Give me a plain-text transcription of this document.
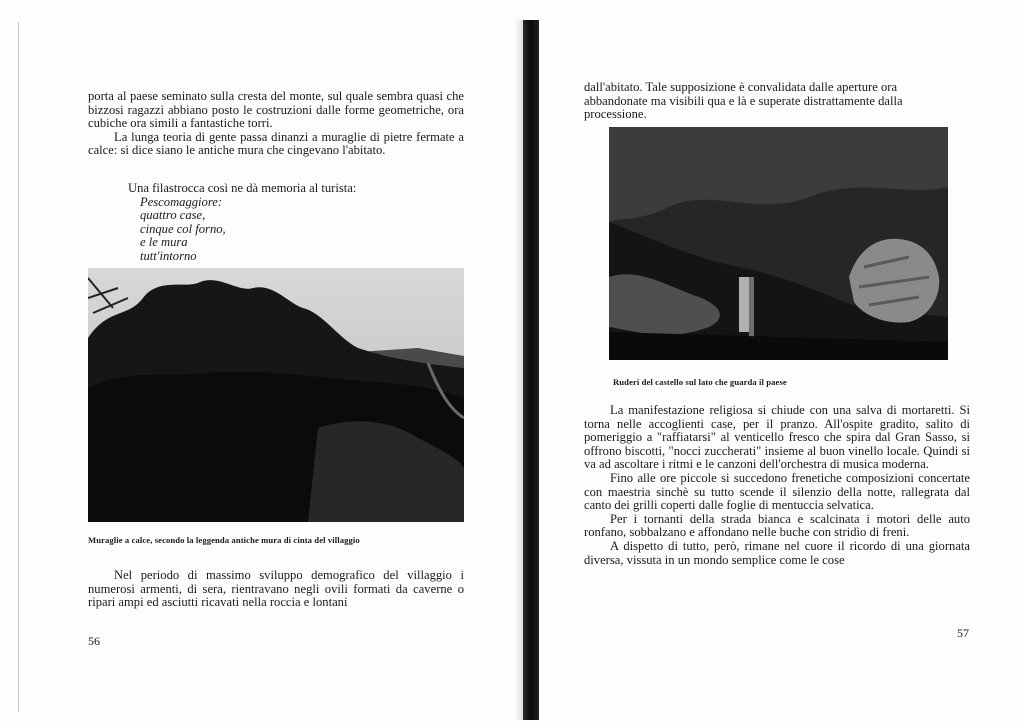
porta al paese seminato sulla cresta del monte, sul quale sembra quasi che bizzosi ragazzi abbiano posto le costruzioni dalle forme geometriche, ora cubiche ora simili a fantastiche torri.

La lunga teoria di gente passa dinanzi a muraglie di pietre fermate a calce: si dice siano le antiche mura che cingevano l'abitato.

Una filastrocca così ne dà memoria al turista:
Pescomaggiore:
quattro case,
cinque col forno,
e le mura
tutt'intorno
Muraglie a calce, secondo la leggenda antiche mura di cinta del villaggio

Nel periodo di massimo sviluppo demografico del villaggio i numerosi armenti, di sera, rientravano negli ovili formati da caverne o ripari ampi ed asciutti ricavati nella roccia e lontani

56

dall'abitato. Tale supposizione è convalidata dalle aperture ora abbandonate ma visibili qua e là e superate distrattamente dalla processione.

Ruderi del castello sul lato che guarda il paese

La manifestazione religiosa si chiude con una salva di mortaretti. Si torna nelle accoglienti case, per il pranzo. All'ospite gradito, salito di pomeriggio a "raffiatarsi" al venticello fresco che spira dal Gran Sasso, si offrono biscotti, "nocci zuccherati" insieme al buon vinello locale. Quindi si va ad ascoltare i ritmi e le canzoni dell'orchestra di musica moderna.

Fino alle ore piccole si succedono frenetiche composizioni concertate con maestria sinchè su tutto scende il silenzio della notte, rallegrata dal canto dei grilli coperti dalle foglie di mentuccia selvatica.

Per i tornanti della strada bianca e scalcinata i motori delle auto ronfano, sobbalzano e affondano nelle buche con stridìo di freni.

A dispetto di tutto, però, rimane nel cuore il ricordo di una giornata diversa, vissuta in un mondo semplice come le cose

57
